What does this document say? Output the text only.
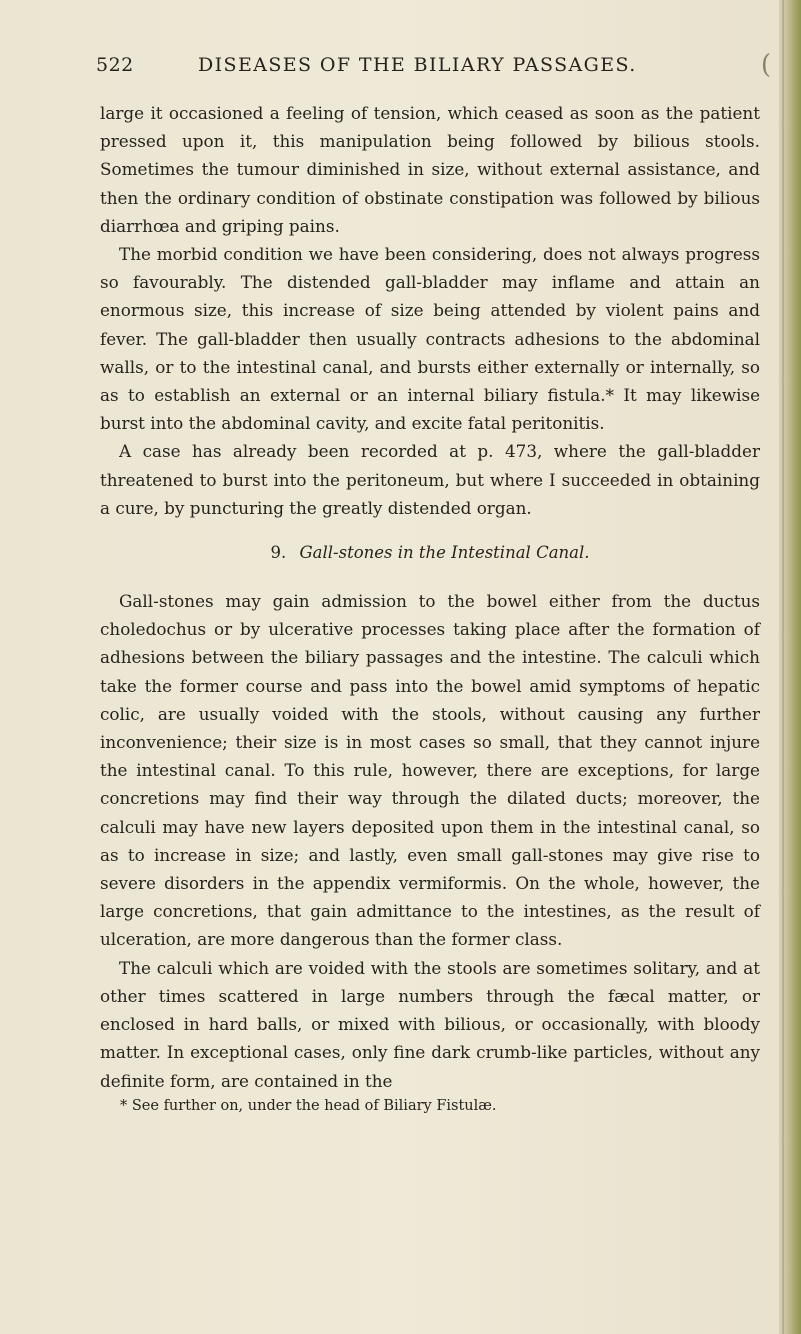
(
522	DISEASES OF THE BILIARY PASSAGES.

large it occasioned a feeling of tension, which ceased as soon as the patient pressed upon it, this manipulation being followed by bilious stools. Sometimes the tumour diminished in size, without external assistance, and then the ordinary condition of obstinate constipation was followed by bilious diarrhœa and griping pains.

The morbid condition we have been considering, does not always progress so favourably. The distended gall-bladder may inflame and attain an enormous size, this increase of size being attended by violent pains and fever. The gall-bladder then usually contracts adhesions to the abdominal walls, or to the intestinal canal, and bursts either externally or internally, so as to establish an external or an internal biliary fistula.* It may likewise burst into the abdominal cavity, and excite fatal peritonitis.

A case has already been recorded at p. 473, where the gall-bladder threatened to burst into the peritoneum, but where I succeeded in obtaining a cure, by puncturing the greatly distended organ.

9. Gall-stones in the Intestinal Canal.

Gall-stones may gain admission to the bowel either from the ductus choledochus or by ulcerative processes taking place after the formation of adhesions between the biliary passages and the intestine. The calculi which take the former course and pass into the bowel amid symptoms of hepatic colic, are usually voided with the stools, without causing any further inconvenience; their size is in most cases so small, that they cannot injure the intestinal canal. To this rule, however, there are exceptions, for large concretions may find their way through the dilated ducts; moreover, the calculi may have new layers deposited upon them in the intestinal canal, so as to increase in size; and lastly, even small gall-stones may give rise to severe disorders in the appendix vermiformis. On the whole, however, the large concretions, that gain admittance to the intestines, as the result of ulceration, are more dangerous than the former class.

The calculi which are voided with the stools are sometimes solitary, and at other times scattered in large numbers through the fæcal matter, or enclosed in hard balls, or mixed with bilious, or occasionally, with bloody matter. In exceptional cases, only fine dark crumb-like particles, without any definite form, are contained in the

* See further on, under the head of Biliary Fistulæ.
